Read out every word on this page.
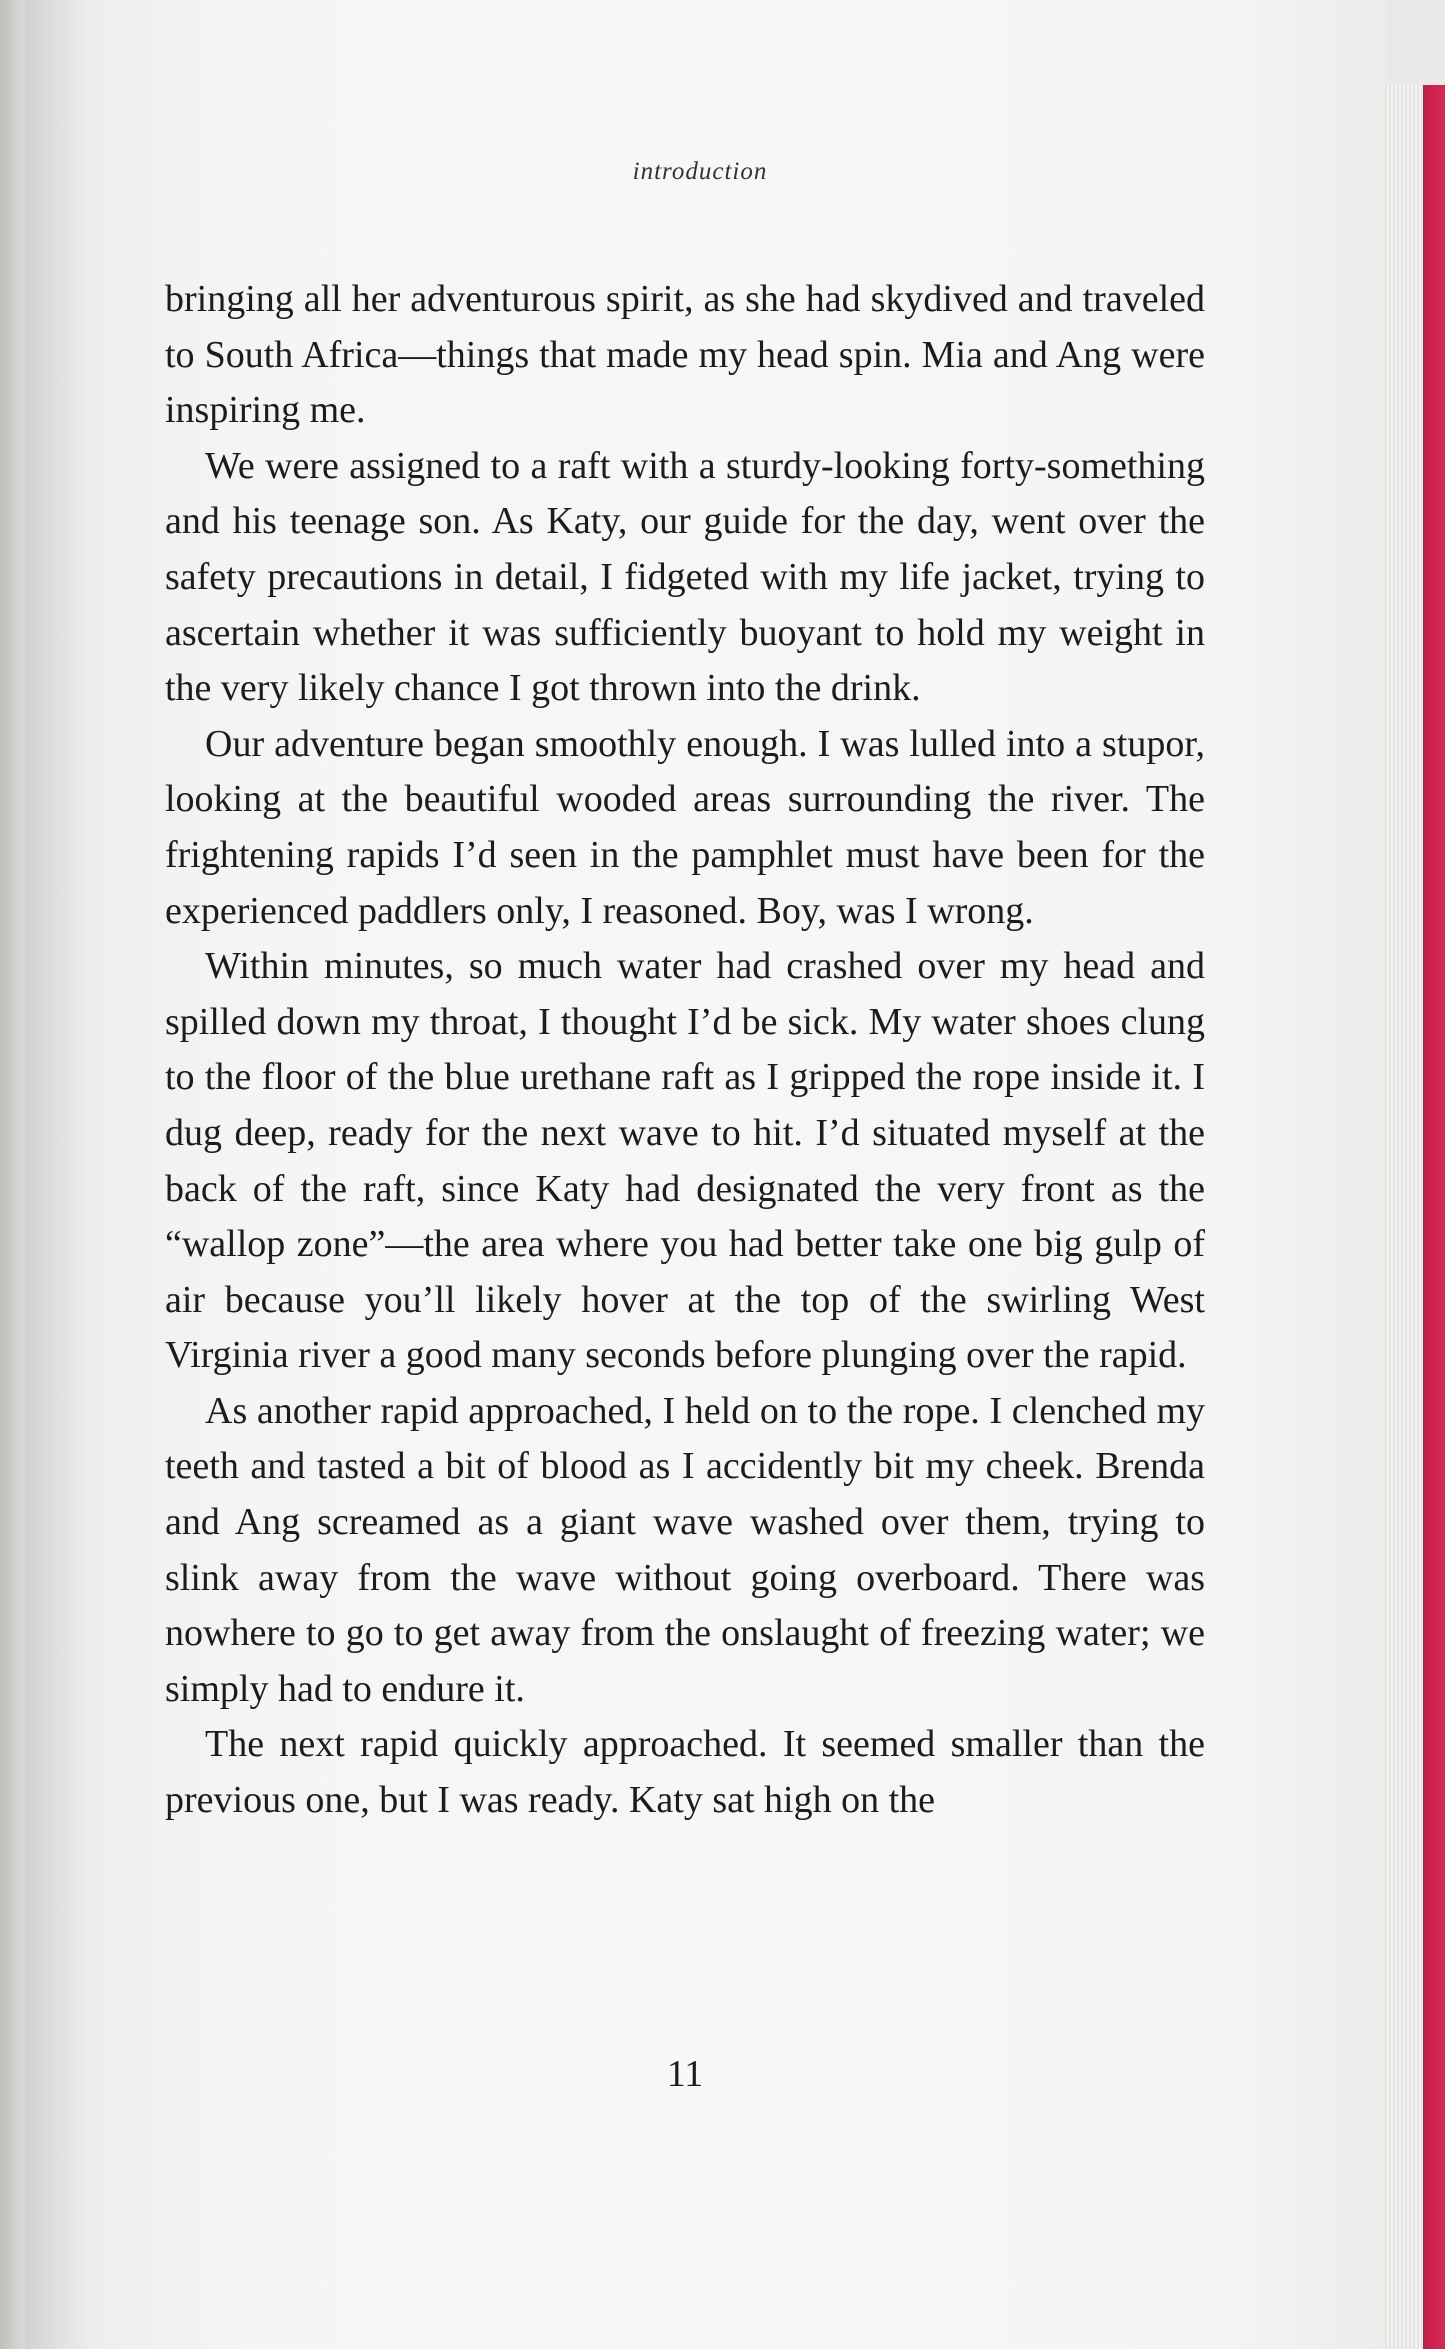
introduction

bringing all her adventurous spirit, as she had skydived and traveled to South Africa—things that made my head spin. Mia and Ang were inspiring me.

We were assigned to a raft with a sturdy-looking forty-something and his teenage son. As Katy, our guide for the day, went over the safety precautions in detail, I fidgeted with my life jacket, trying to ascertain whether it was sufficiently buoyant to hold my weight in the very likely chance I got thrown into the drink.

Our adventure began smoothly enough. I was lulled into a stupor, looking at the beautiful wooded areas surrounding the river. The frightening rapids I’d seen in the pamphlet must have been for the experienced paddlers only, I reasoned. Boy, was I wrong.

Within minutes, so much water had crashed over my head and spilled down my throat, I thought I’d be sick. My water shoes clung to the floor of the blue urethane raft as I gripped the rope inside it. I dug deep, ready for the next wave to hit. I’d situated myself at the back of the raft, since Katy had designated the very front as the “wallop zone”—the area where you had better take one big gulp of air because you’ll likely hover at the top of the swirling West Virginia river a good many seconds before plunging over the rapid.

As another rapid approached, I held on to the rope. I clenched my teeth and tasted a bit of blood as I accidently bit my cheek. Brenda and Ang screamed as a giant wave washed over them, trying to slink away from the wave without going overboard. There was nowhere to go to get away from the onslaught of freezing water; we simply had to endure it.

The next rapid quickly approached. It seemed smaller than the previous one, but I was ready. Katy sat high on the

11
